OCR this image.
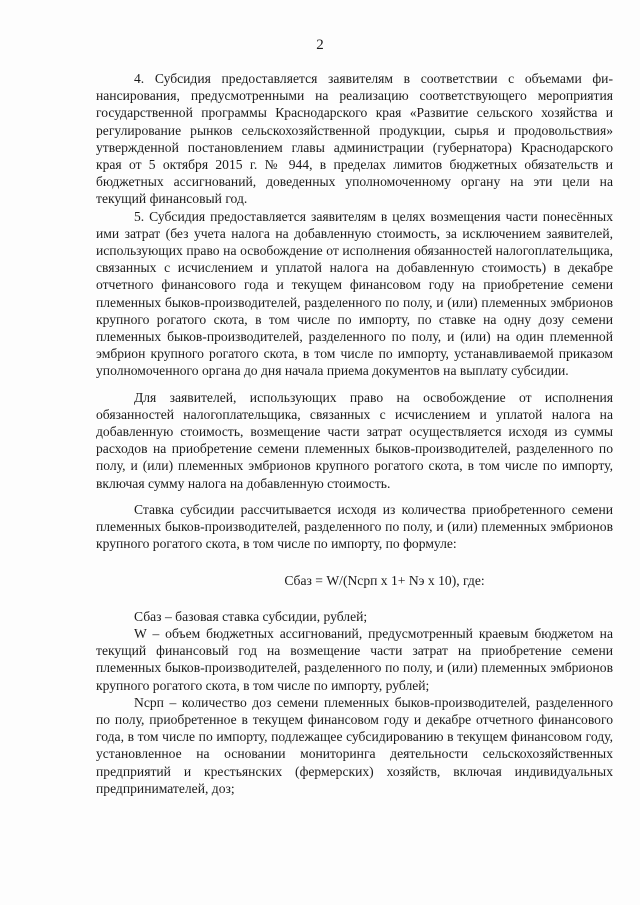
2

4. Субсидия предоставляется заявителям в соответствии с объемами финансирования, предусмотренными на реализацию соответствующего мероприятия государственной программы Краснодарского края «Развитие сельского хозяйства и регулирование рынков сельскохозяйственной продукции, сырья и продовольствия» утвержденной постановлением главы администрации (губернатора) Краснодарского края от 5 октября 2015 г. № 944, в пределах лимитов бюджетных обязательств и бюджетных ассигнований, доведенных уполномоченному органу на эти цели на текущий финансовый год.

5. Субсидия предоставляется заявителям в целях возмещения части понесённых ими затрат (без учета налога на добавленную стоимость, за исключением заявителей, использующих право на освобождение от исполнения обязанностей налогоплательщика, связанных с исчислением и уплатой налога на добавленную стоимость) в декабре отчетного финансового года и текущем финансовом году на приобретение семени племенных быков-производителей, разделенного по полу, и (или) племенных эмбрионов крупного рогатого скота, в том числе по импорту, по ставке на одну дозу семени племенных быков-производителей, разделенного по полу, и (или) на один племенной эмбрион крупного рогатого скота, в том числе по импорту, устанавливаемой приказом уполномоченного органа до дня начала приема документов на выплату субсидии.

Для заявителей, использующих право на освобождение от исполнения обязанностей налогоплательщика, связанных с исчислением и уплатой налога на добавленную стоимость, возмещение части затрат осуществляется исходя из суммы расходов на приобретение семени племенных быков-производителей, разделенного по полу, и (или) племенных эмбрионов крупного рогатого скота, в том числе по импорту, включая сумму налога на добавленную стоимость.

Ставка субсидии рассчитывается исходя из количества приобретенного семени племенных быков-производителей, разделенного по полу, и (или) племенных эмбрионов крупного рогатого скота, в том числе по импорту, по формуле:

Сбаз = W/(Nсрп х 1+ Nэ х 10), где:

Сбаз – базовая ставка субсидии, рублей;

W – объем бюджетных ассигнований, предусмотренный краевым бюджетом на текущий финансовый год на возмещение части затрат на приобретение семени племенных быков-производителей, разделенного по полу, и (или) племенных эмбрионов крупного рогатого скота, в том числе по импорту, рублей;

Nсрп – количество доз семени племенных быков-производителей, разделенного по полу, приобретенное в текущем финансовом году и декабре отчетного финансового года, в том числе по импорту, подлежащее субсидированию в текущем финансовом году, установленное на основании мониторинга деятельности сельскохозяйственных предприятий и крестьянских (фермерских) хозяйств, включая индивидуальных предпринимателей, доз;
